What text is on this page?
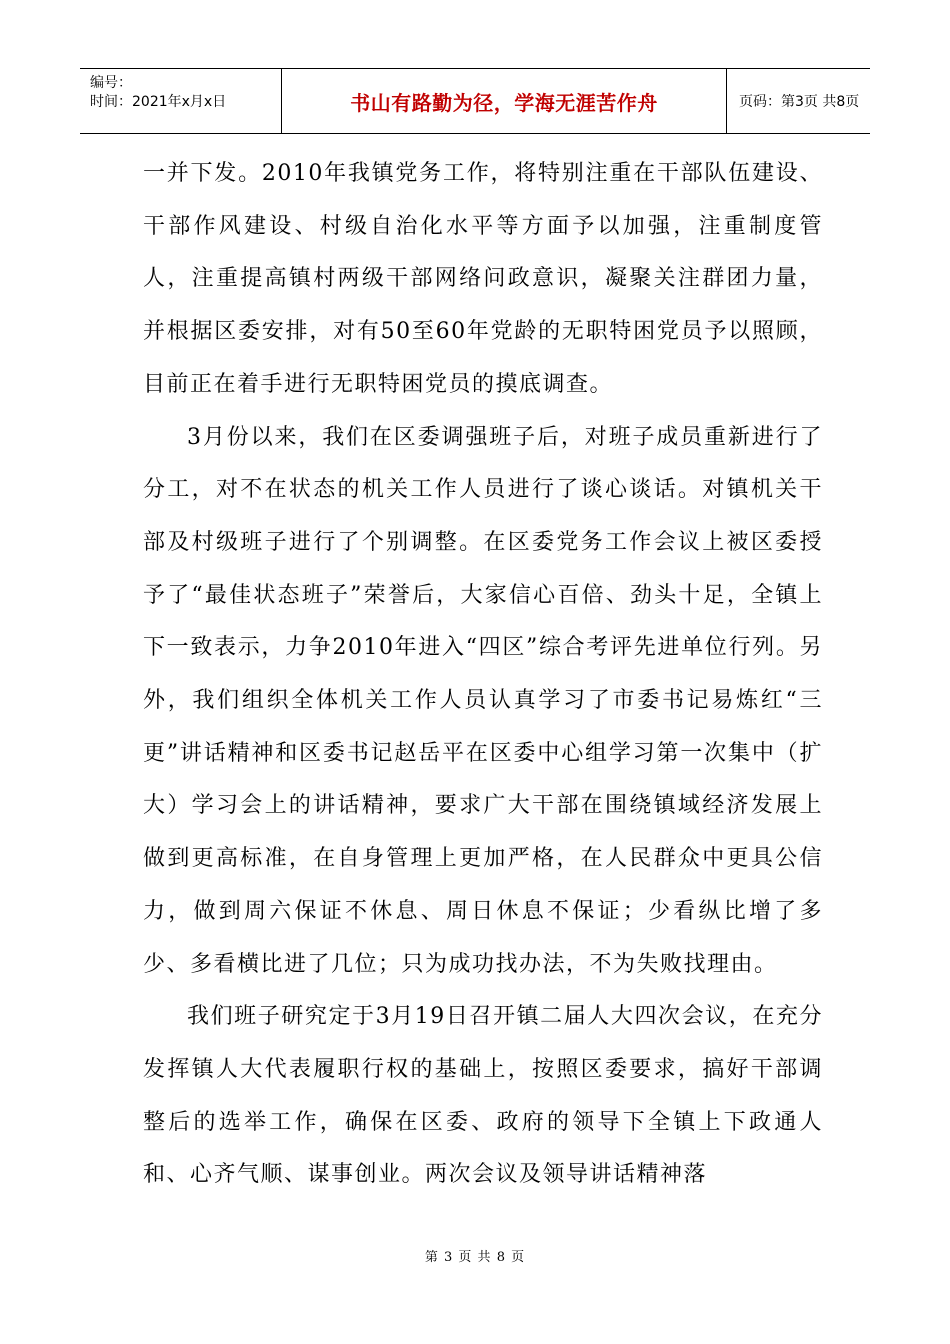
编号：
时间：2021年x月x日	书山有路勤为径，学海无涯苦作舟	页码：第3页 共8页

一并下发。2010年我镇党务工作，将特别注重在干部队伍建设、干部作风建设、村级自治化水平等方面予以加强，注重制度管人，注重提高镇村两级干部网络问政意识，凝聚关注群团力量，并根据区委安排，对有50至60年党龄的无职特困党员予以照顾，目前正在着手进行无职特困党员的摸底调查。

3月份以来，我们在区委调强班子后，对班子成员重新进行了分工，对不在状态的机关工作人员进行了谈心谈话。对镇机关干部及村级班子进行了个别调整。在区委党务工作会议上被区委授予了“最佳状态班子”荣誉后，大家信心百倍、劲头十足，全镇上下一致表示，力争2010年进入“四区”综合考评先进单位行列。另外，我们组织全体机关工作人员认真学习了市委书记易炼红“三更”讲话精神和区委书记赵岳平在区委中心组学习第一次集中（扩大）学习会上的讲话精神，要求广大干部在围绕镇域经济发展上做到更高标准，在自身管理上更加严格，在人民群众中更具公信力，做到周六保证不休息、周日休息不保证；少看纵比增了多少、多看横比进了几位；只为成功找办法，不为失败找理由。

我们班子研究定于3月19日召开镇二届人大四次会议，在充分发挥镇人大代表履职行权的基础上，按照区委要求，搞好干部调整后的选举工作，确保在区委、政府的领导下全镇上下政通人和、心齐气顺、谋事创业。两次会议及领导讲话精神落

第 3 页 共 8 页
